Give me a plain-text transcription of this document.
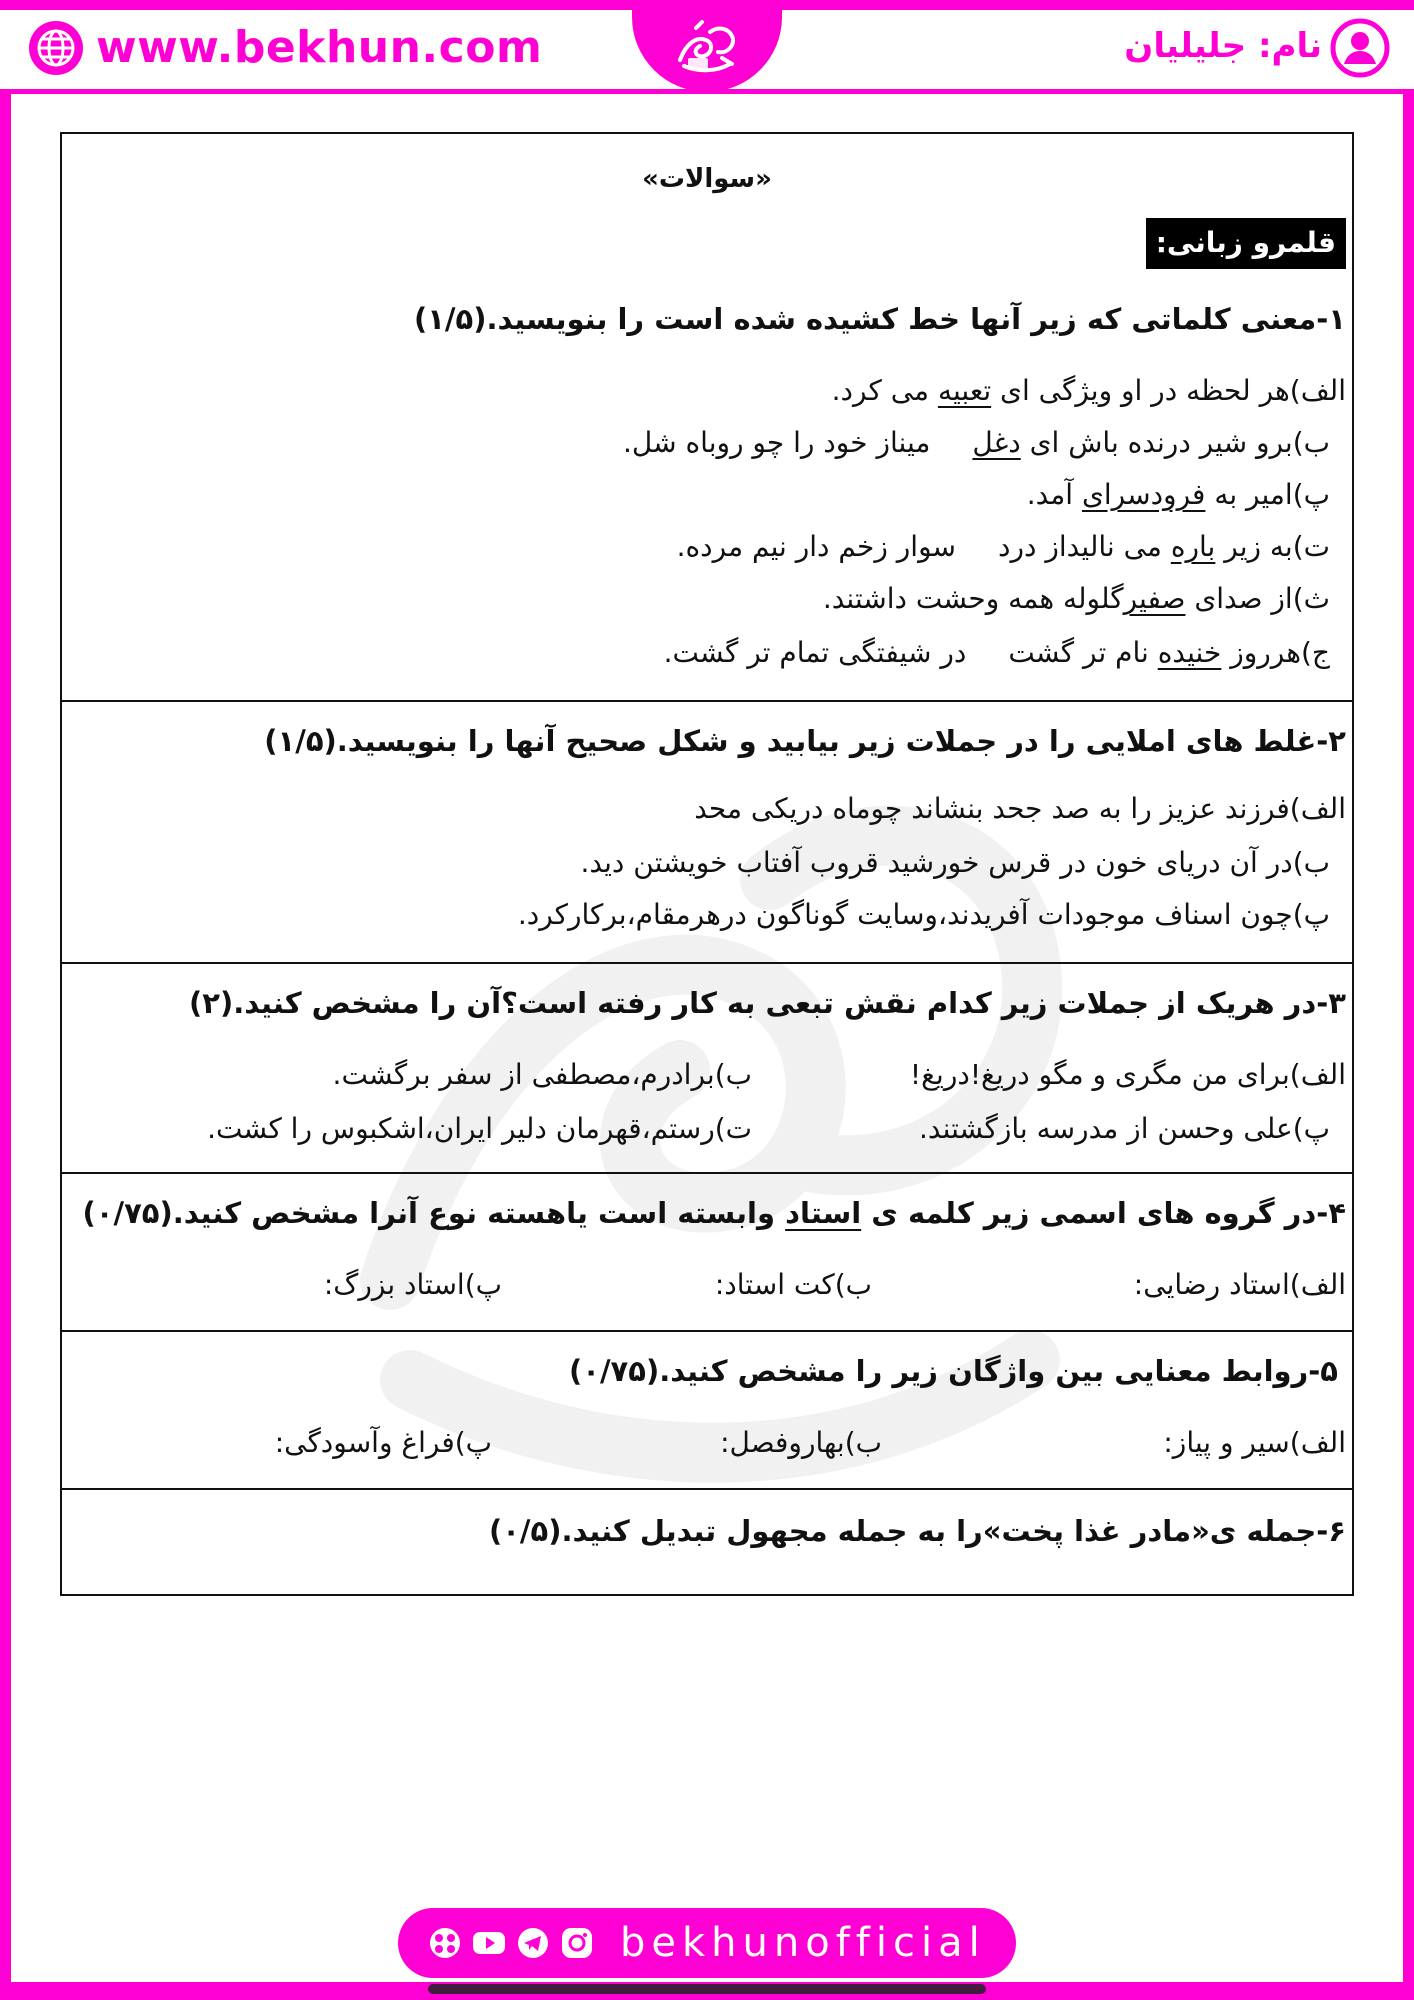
www.bekhun.com	نام: جلیلیان
«سوالات»
قلمرو زبانی:
۱-معنی کلماتی که زیر آنها خط کشیده شده است را بنویسید.(۱/۵)
الف)هر لحظه در او ویژگی ای تعبیه می کرد.
ب)برو شیر درنده باش ای دغلمیناز خود را چو روباه شل.
پ)امیر به فرودسرای آمد.
ت)به زیر باره می نالیداز دردسوار زخم دار نیم مرده.
ث)از صدای صفیرگلوله همه وحشت داشتند.
ج)هرروز خنیده نام تر گشتدر شیفتگی تمام تر گشت.
۲-غلط های املایی را در جملات زیر بیابید و شکل صحیح آنها را بنویسید.(۱/۵)
الف)فرزند عزیز را به صد جحد بنشاند چوماه دریکی محد
ب)در آن دریای خون در قرس خورشید قروب آفتاب خویشتن دید.
پ)چون اسناف موجودات آفریدند،وسایت گوناگون درهرمقام،برکارکرد.
۳-در هریک از جملات زیر کدام نقش تبعی به کار رفته است؟آن را مشخص کنید.(۲)
الف)برای من مگری و مگو دریغ!دریغ!
ب)برادرم،مصطفی از سفر برگشت.
پ)علی وحسن از مدرسه بازگشتند.
ت)رستم،قهرمان دلیر ایران،اشکبوس را کشت.
۴-در گروه های اسمی زیر کلمه ی استاد وابسته است یاهسته نوع آنرا مشخص کنید.(۰/۷۵)
الف)استاد رضایی:
ب)کت استاد:
پ)استاد بزرگ:
۵-روابط معنایی بین واژگان زیر را مشخص کنید.(۰/۷۵)
الف)سیر و پیاز:
ب)بهاروفصل:
پ)فراغ وآسودگی:
۶-جمله ی«مادر غذا پخت»را به جمله مجهول تبدیل کنید.(۰/۵)
bekhunofficial
